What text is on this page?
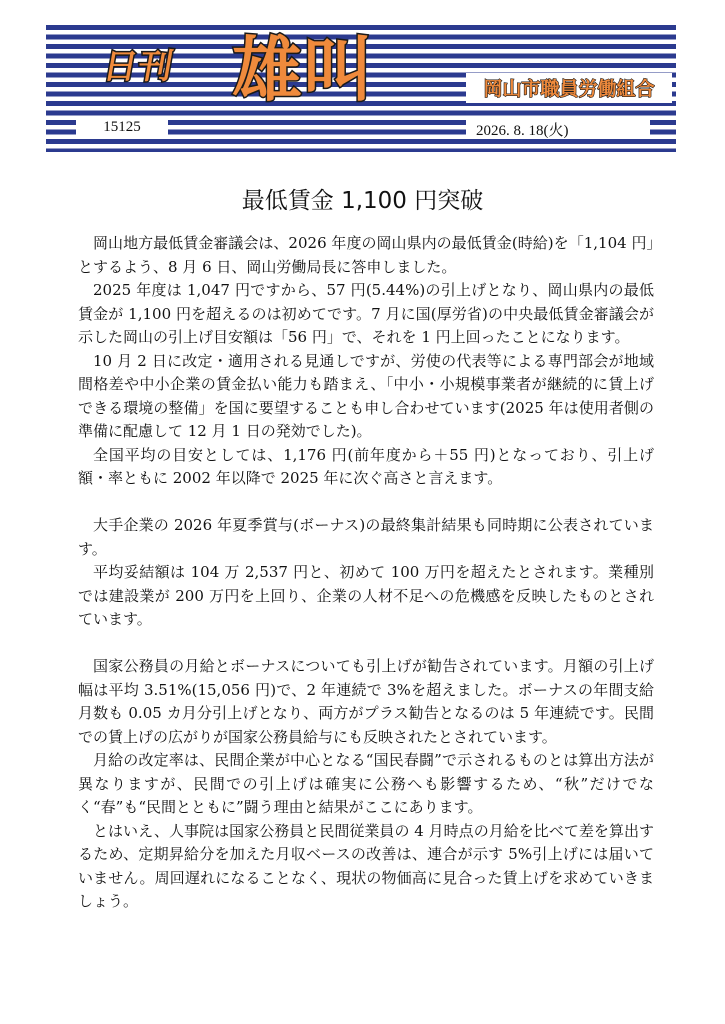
日刊 雄叫	岡山市職員労働組合
15125	2026. 8. 18(火)
最低賃金 1,100 円突破

岡山地方最低賃金審議会は、2026 年度の岡山県内の最低賃金(時給)を「1,104 円」とするよう、8 月 6 日、岡山労働局長に答申しました。

2025 年度は 1,047 円ですから、57 円(5.44%)の引上げとなり、岡山県内の最低賃金が 1,100 円を超えるのは初めてです。7 月に国(厚労省)の中央最低賃金審議会が示した岡山の引上げ目安額は「56 円」で、それを 1 円上回ったことになります。

10 月 2 日に改定・適用される見通しですが、労使の代表等による専門部会が地域間格差や中小企業の賃金払い能力も踏まえ、「中小・小規模事業者が継続的に賃上げできる環境の整備」を国に要望することも申し合わせています(2025 年は使用者側の準備に配慮して 12 月 1 日の発効でした)。

全国平均の目安としては、1,176 円(前年度から＋55 円)となっており、引上げ額・率ともに 2002 年以降で 2025 年に次ぐ高さと言えます。

大手企業の 2026 年夏季賞与(ボーナス)の最終集計結果も同時期に公表されています。

平均妥結額は 104 万 2,537 円と、初めて 100 万円を超えたとされます。業種別では建設業が 200 万円を上回り、企業の人材不足への危機感を反映したものとされています。

国家公務員の月給とボーナスについても引上げが勧告されています。月額の引上げ幅は平均 3.51%(15,056 円)で、2 年連続で 3%を超えました。ボーナスの年間支給月数も 0.05 カ月分引上げとなり、両方がプラス勧告となるのは 5 年連続です。民間での賃上げの広がりが国家公務員給与にも反映されたとされています。

月給の改定率は、民間企業が中心となる“国民春闘”で示されるものとは算出方法が異なりますが、民間での引上げは確実に公務へも影響するため、“秋”だけでなく“春”も“民間とともに”闘う理由と結果がここにあります。

とはいえ、人事院は国家公務員と民間従業員の 4 月時点の月給を比べて差を算出するため、定期昇給分を加えた月収ベースの改善は、連合が示す 5%引上げには届いていません。周回遅れになることなく、現状の物価高に見合った賃上げを求めていきましょう。
